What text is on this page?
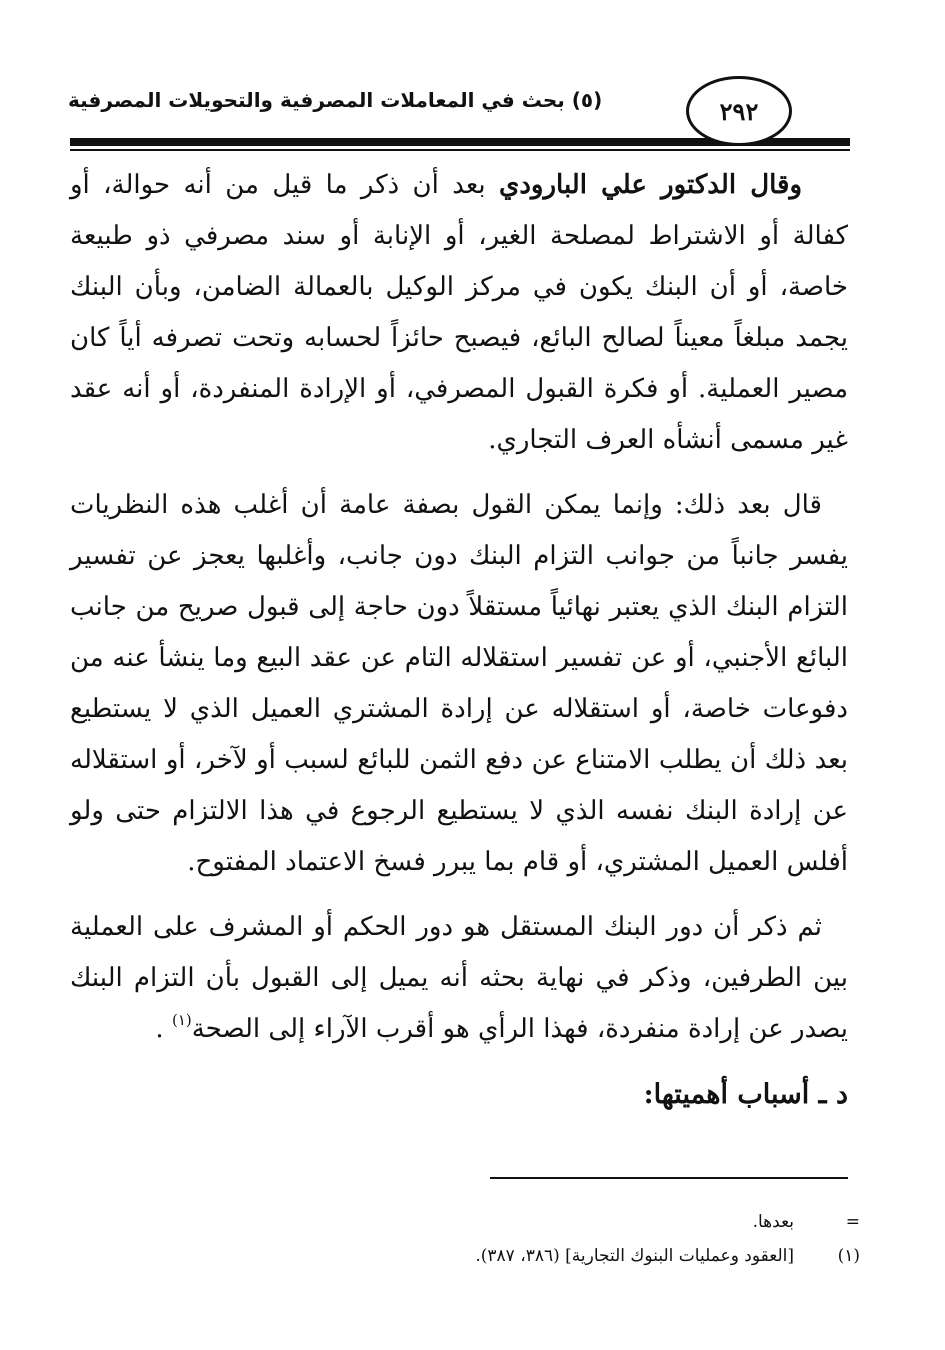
(٥) بحث في المعاملات المصرفية والتحويلات المصرفية	٢٩٢

وقال الدكتور علي البارودي بعد أن ذكر ما قيل من أنه حوالة، أو كفالة أو الاشتراط لمصلحة الغير، أو الإنابة أو سند مصرفي ذو طبيعة خاصة، أو أن البنك يكون في مركز الوكيل بالعمالة الضامن، وبأن البنك يجمد مبلغاً معيناً لصالح البائع، فيصبح حائزاً لحسابه وتحت تصرفه أياً كان مصير العملية. أو فكرة القبول المصرفي، أو الإرادة المنفردة، أو أنه عقد غير مسمى أنشأه العرف التجاري.

قال بعد ذلك: وإنما يمكن القول بصفة عامة أن أغلب هذه النظريات يفسر جانباً من جوانب التزام البنك دون جانب، وأغلبها يعجز عن تفسير التزام البنك الذي يعتبر نهائياً مستقلاً دون حاجة إلى قبول صريح من جانب البائع الأجنبي، أو عن تفسير استقلاله التام عن عقد البيع وما ينشأ عنه من دفوعات خاصة، أو استقلاله عن إرادة المشتري العميل الذي لا يستطيع بعد ذلك أن يطلب الامتناع عن دفع الثمن للبائع لسبب أو لآخر، أو استقلاله عن إرادة البنك نفسه الذي لا يستطيع الرجوع في هذا الالتزام حتى ولو أفلس العميل المشتري، أو قام بما يبرر فسخ الاعتماد المفتوح.

ثم ذكر أن دور البنك المستقل هو دور الحكم أو المشرف على العملية بين الطرفين، وذكر في نهاية بحثه أنه يميل إلى القبول بأن التزام البنك يصدر عن إرادة منفردة، فهذا الرأي هو أقرب الآراء إلى الصحة$^{(١)}$ .

د ـ أسباب أهميتها:

=
بعدها.
(١)
[العقود وعمليات البنوك التجارية] (٣٨٦، ٣٨٧).
